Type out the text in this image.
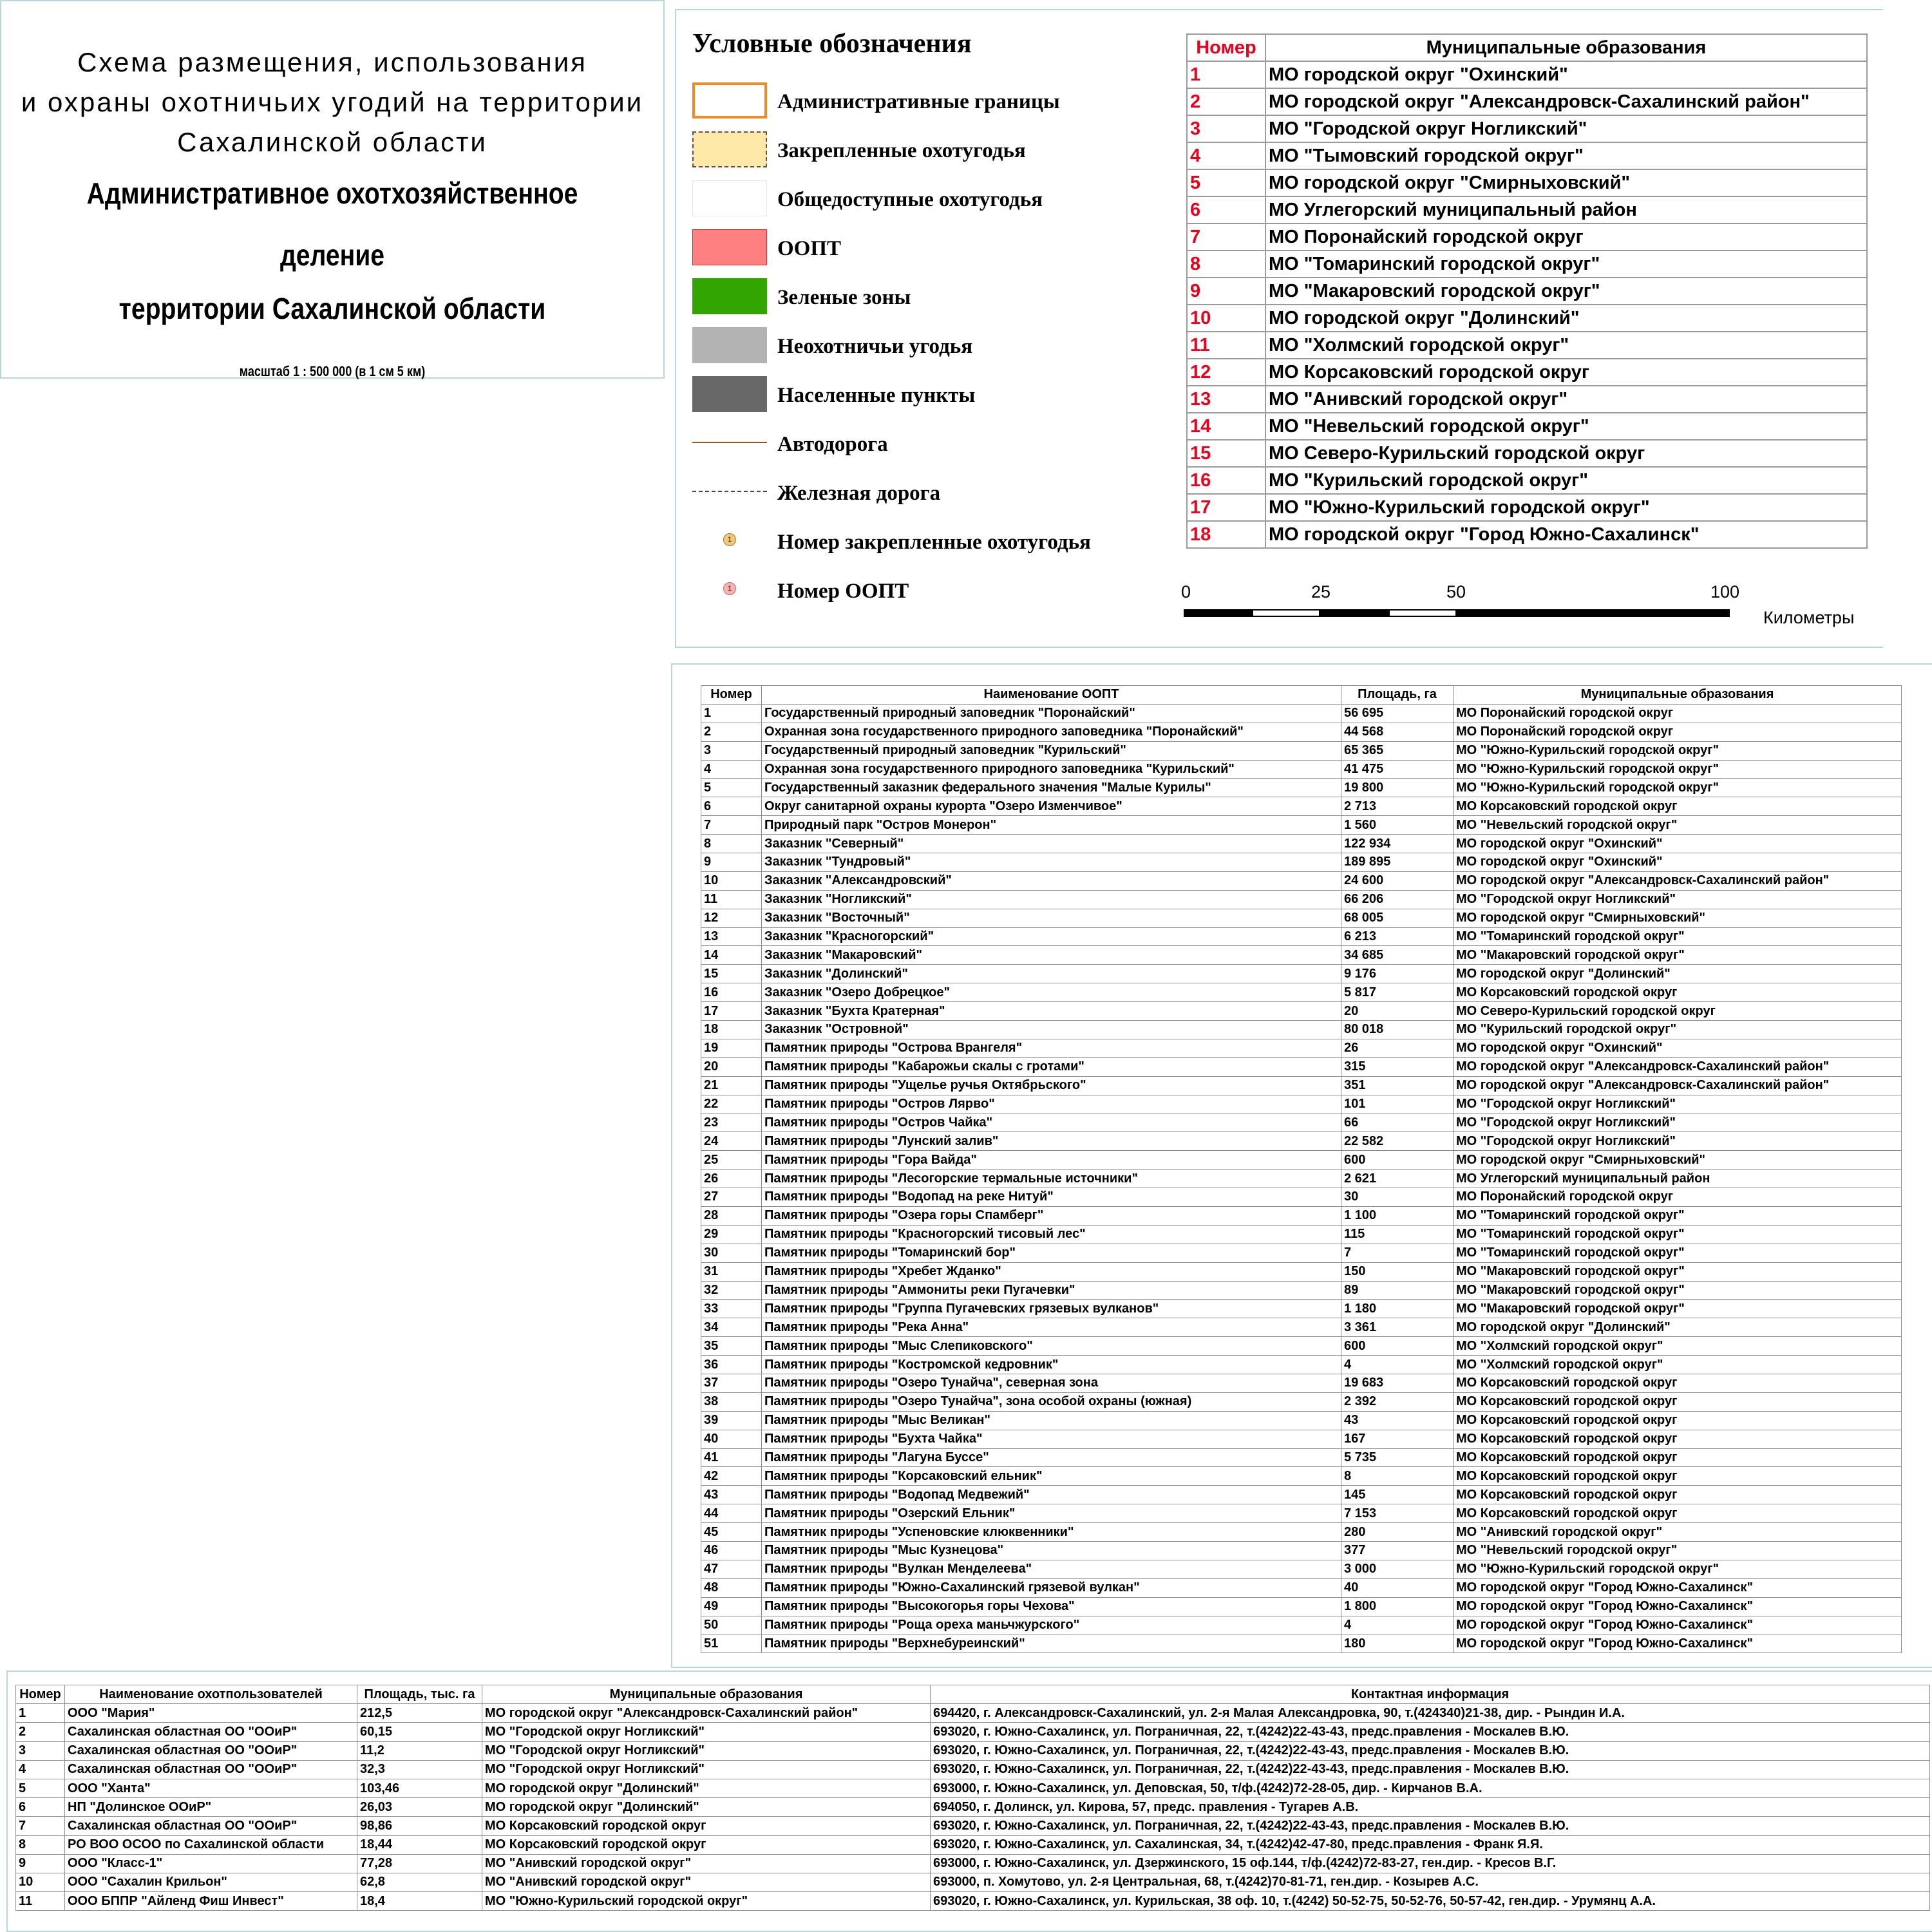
Схема размещения, использования
и охраны охотничьих угодий на территории
Сахалинской области
Административное охотхозяйственное деление
территории Сахалинской области
масштаб 1 : 500 000 (в 1 см 5 км)
Условные обозначения
Административные границы
Закрепленные охотугодья
Общедоступные охотугодья
ООПТ
Зеленые зоны
Неохотничьи угодья
Населенные пункты
Автодорога
Железная дорога
1 Номер закрепленные охотугодья
1 Номер ООПТ
Номер	Муниципальные образования
1	МО городской округ "Охинский"
2	МО городской округ "Александровск-Сахалинский район"
3	МО "Городской округ Ногликский"
4	МО "Тымовский городской округ"
5	МО городской округ "Смирныховский"
6	МО Углегорский муниципальный район
7	МО Поронайский городской округ
8	МО "Томаринский городской округ"
9	МО "Макаровский городской округ"
10	МО городской округ "Долинский"
11	МО "Холмский городской округ"
12	МО Корсаковский городской округ
13	МО "Анивский городской округ"
14	МО "Невельский городской округ"
15	МО Северо-Курильский городской округ
16	МО "Курильский городской округ"
17	МО "Южно-Курильский городской округ"
18	МО городской округ "Город Южно-Сахалинск"
0	25	50	100
Километры
Номер	Наименование ООПТ	Площадь, га	Муниципальные образования
1	Государственный природный заповедник "Поронайский"	56 695	МО Поронайский городской округ
2	Охранная зона государственного природного заповедника "Поронайский"	44 568	МО Поронайский городской округ
3	Государственный природный заповедник "Курильский"	65 365	МО "Южно-Курильский городской округ"
4	Охранная зона государственного природного заповедника "Курильский"	41 475	МО "Южно-Курильский городской округ"
5	Государственный заказник федерального значения "Малые Курилы"	19 800	МО "Южно-Курильский городской округ"
6	Округ санитарной охраны курорта "Озеро Изменчивое"	2 713	МО Корсаковский городской округ
7	Природный парк "Остров Монерон"	1 560	МО "Невельский городской округ"
8	Заказник "Северный"	122 934	МО городской округ "Охинский"
9	Заказник "Тундровый"	189 895	МО городской округ "Охинский"
10	Заказник "Александровский"	24 600	МО городской округ "Александровск-Сахалинский район"
11	Заказник "Ногликский"	66 206	МО "Городской округ Ногликский"
12	Заказник "Восточный"	68 005	МО городской округ "Смирныховский"
13	Заказник "Красногорский"	6 213	МО "Томаринский городской округ"
14	Заказник "Макаровский"	34 685	МО "Макаровский городской округ"
15	Заказник "Долинский"	9 176	МО городской округ "Долинский"
16	Заказник "Озеро Добрецкое"	5 817	МО Корсаковский городской округ
17	Заказник "Бухта Кратерная"	20	МО Северо-Курильский городской округ
18	Заказник "Островной"	80 018	МО "Курильский городской округ"
19	Памятник природы "Острова Врангеля"	26	МО городской округ "Охинский"
20	Памятник природы "Кабарожьи скалы с гротами"	315	МО городской округ "Александровск-Сахалинский район"
21	Памятник природы "Ущелье ручья Октябрьского"	351	МО городской округ "Александровск-Сахалинский район"
22	Памятник природы "Остров Лярво"	101	МО "Городской округ Ногликский"
23	Памятник природы "Остров Чайка"	66	МО "Городской округ Ногликский"
24	Памятник природы "Лунский залив"	22 582	МО "Городской округ Ногликский"
25	Памятник природы "Гора Вайда"	600	МО городской округ "Смирныховский"
26	Памятник природы "Лесогорские термальные источники"	2 621	МО Углегорский муниципальный район
27	Памятник природы "Водопад на реке Нитуй"	30	МО Поронайский городской округ
28	Памятник природы "Озера горы Спамберг"	1 100	МО "Томаринский городской округ"
29	Памятник природы "Красногорский тисовый лес"	115	МО "Томаринский городской округ"
30	Памятник природы "Томаринский бор"	7	МО "Томаринский городской округ"
31	Памятник природы "Хребет Жданко"	150	МО "Макаровский городской округ"
32	Памятник природы "Аммониты реки Пугачевки"	89	МО "Макаровский городской округ"
33	Памятник природы "Группа Пугачевских грязевых вулканов"	1 180	МО "Макаровский городской округ"
34	Памятник природы "Река Анна"	3 361	МО городской округ "Долинский"
35	Памятник природы "Мыс Слепиковского"	600	МО "Холмский городской округ"
36	Памятник природы "Костромской кедровник"	4	МО "Холмский городской округ"
37	Памятник природы "Озеро Тунайча", северная зона	19 683	МО Корсаковский городской округ
38	Памятник природы "Озеро Тунайча", зона особой охраны (южная)	2 392	МО Корсаковский городской округ
39	Памятник природы "Мыс Великан"	43	МО Корсаковский городской округ
40	Памятник природы "Бухта Чайка"	167	МО Корсаковский городской округ
41	Памятник природы "Лагуна Буссе"	5 735	МО Корсаковский городской округ
42	Памятник природы "Корсаковский ельник"	8	МО Корсаковский городской округ
43	Памятник природы "Водопад Медвежий"	145	МО Корсаковский городской округ
44	Памятник природы "Озерский Ельник"	7 153	МО Корсаковский городской округ
45	Памятник природы "Успеновские клюквенники"	280	МО "Анивский городской округ"
46	Памятник природы "Мыс Кузнецова"	377	МО "Невельский городской округ"
47	Памятник природы "Вулкан Менделеева"	3 000	МО "Южно-Курильский городской округ"
48	Памятник природы "Южно-Сахалинский грязевой вулкан"	40	МО городской округ "Город Южно-Сахалинск"
49	Памятник природы "Высокогорья горы Чехова"	1 800	МО городской округ "Город Южно-Сахалинск"
50	Памятник природы "Роща ореха маньчжурского"	4	МО городской округ "Город Южно-Сахалинск"
51	Памятник природы "Верхнебуреинский"	180	МО городской округ "Город Южно-Сахалинск"
Номер	Наименование охотпользователей	Площадь, тыс. га	Муниципальные образования	Контактная информация
1	ООО "Мария"	212,5	МО городской округ "Александровск-Сахалинский район"	694420, г. Александровск-Сахалинский, ул. 2-я Малая Александровка, 90, т.(424340)21-38, дир. - Рындин И.А.
2	Сахалинская областная ОО "ООиР"	60,15	МО "Городской округ Ногликский"	693020, г. Южно-Сахалинск, ул. Пограничная, 22, т.(4242)22-43-43, предс.правления - Москалев В.Ю.
3	Сахалинская областная ОО "ООиР"	11,2	МО "Городской округ Ногликский"	693020, г. Южно-Сахалинск, ул. Пограничная, 22, т.(4242)22-43-43, предс.правления - Москалев В.Ю.
4	Сахалинская областная ОО "ООиР"	32,3	МО "Городской округ Ногликский"	693020, г. Южно-Сахалинск, ул. Пограничная, 22, т.(4242)22-43-43, предс.правления - Москалев В.Ю.
5	ООО "Ханта"	103,46	МО городской округ "Долинский"	693000, г. Южно-Сахалинск, ул. Деповская, 50, т/ф.(4242)72-28-05, дир. - Кирчанов В.А.
6	НП "Долинское ООиР"	26,03	МО городской округ "Долинский"	694050, г. Долинск, ул. Кирова, 57, предс. правления - Тугарев А.В.
7	Сахалинская областная ОО "ООиР"	98,86	МО Корсаковский городской округ	693020, г. Южно-Сахалинск, ул. Пограничная, 22, т.(4242)22-43-43, предс.правления - Москалев В.Ю.
8	РО ВОО ОСОО по Сахалинской области	18,44	МО Корсаковский городской округ	693020, г. Южно-Сахалинск, ул. Сахалинская, 34, т.(4242)42-47-80, предс.правления - Франк Я.Я.
9	ООО "Класс-1"	77,28	МО "Анивский городской округ"	693000, г. Южно-Сахалинск, ул. Дзержинского, 15 оф.144, т/ф.(4242)72-83-27, ген.дир. - Кресов В.Г.
10	ООО "Сахалин Крильон"	62,8	МО "Анивский городской округ"	693000, п. Хомутово, ул. 2-я Центральная, 68, т.(4242)70-81-71, ген.дир. - Козырев А.С.
11	ООО БППР "Айленд Фиш Инвест"	18,4	МО "Южно-Курильский городской округ"	693020, г. Южно-Сахалинск, ул. Курильская, 38 оф. 10, т.(4242) 50-52-75, 50-52-76, 50-57-42, ген.дир. - Урумянц А.А.
